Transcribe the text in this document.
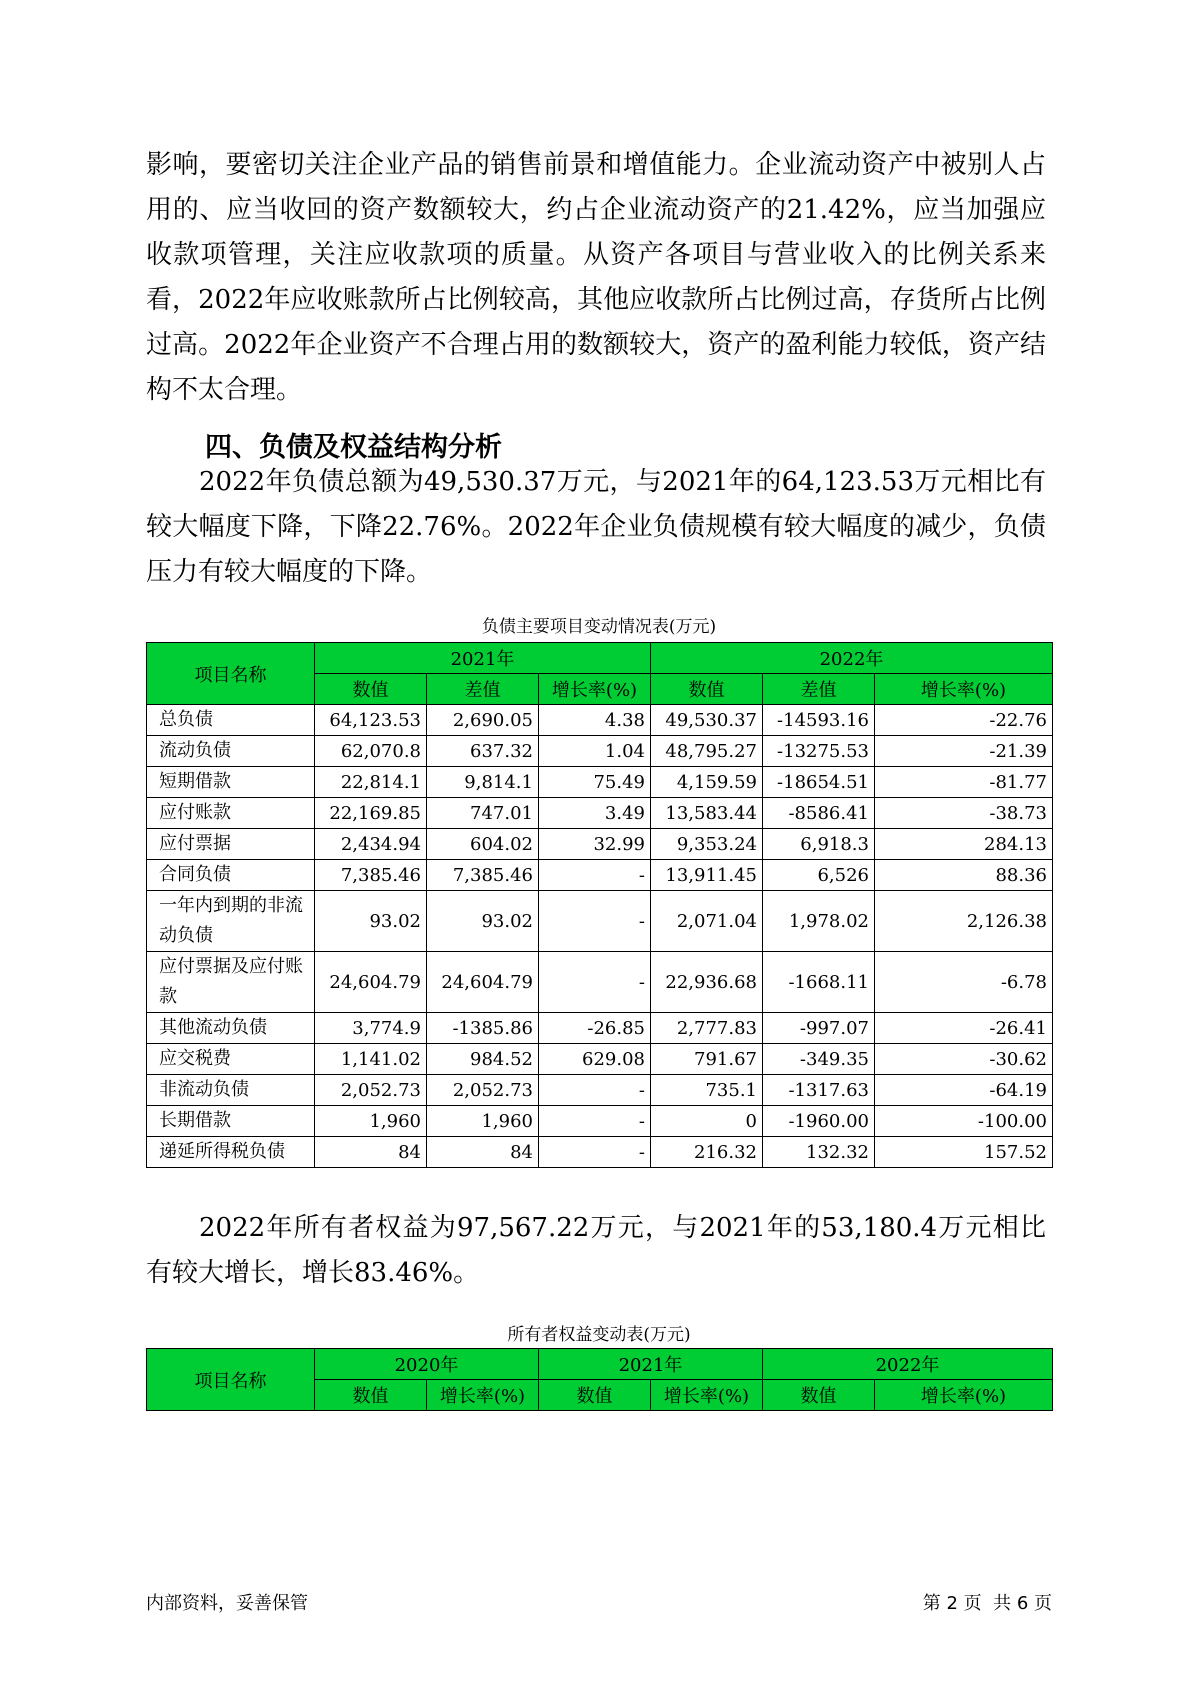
影响，要密切关注企业产品的销售前景和增值能力。企业流动资产中被别人占用的、应当收回的资产数额较大，约占企业流动资产的21.42%，应当加强应收款项管理，关注应收款项的质量。从资产各项目与营业收入的比例关系来看，2022年应收账款所占比例较高，其他应收款所占比例过高，存货所占比例过高。2022年企业资产不合理占用的数额较大，资产的盈利能力较低，资产结构不太合理。

四、负债及权益结构分析

2022年负债总额为49,530.37万元，与2021年的64,123.53万元相比有较大幅度下降，下降22.76%。2022年企业负债规模有较大幅度的减少，负债压力有较大幅度的下降。

负债主要项目变动情况表(万元)
项目名称	2021年			2022年		
	数值	差值	增长率(%)	数值	差值	增长率(%)
总负债	64,123.53	2,690.05	4.38	49,530.37	-14593.16	-22.76
流动负债	62,070.8	637.32	1.04	48,795.27	-13275.53	-21.39
短期借款	22,814.1	9,814.1	75.49	4,159.59	-18654.51	-81.77
应付账款	22,169.85	747.01	3.49	13,583.44	-8586.41	-38.73
应付票据	2,434.94	604.02	32.99	9,353.24	6,918.3	284.13
合同负债	7,385.46	7,385.46	-	13,911.45	6,526	88.36
一年内到期的非流动负债	93.02	93.02	-	2,071.04	1,978.02	2,126.38
应付票据及应付账款	24,604.79	24,604.79	-	22,936.68	-1668.11	-6.78
其他流动负债	3,774.9	-1385.86	-26.85	2,777.83	-997.07	-26.41
应交税费	1,141.02	984.52	629.08	791.67	-349.35	-30.62
非流动负债	2,052.73	2,052.73	-	735.1	-1317.63	-64.19
长期借款	1,960	1,960	-	0	-1960.00	-100.00
递延所得税负债	84	84	-	216.32	132.32	157.52

2022年所有者权益为97,567.22万元，与2021年的53,180.4万元相比有较大增长，增长83.46%。

所有者权益变动表(万元)
项目名称	2020年		2021年		2022年	
	数值	增长率(%)	数值	增长率(%)	数值	增长率(%)
内部资料，妥善保管	第 2 页  共 6 页
